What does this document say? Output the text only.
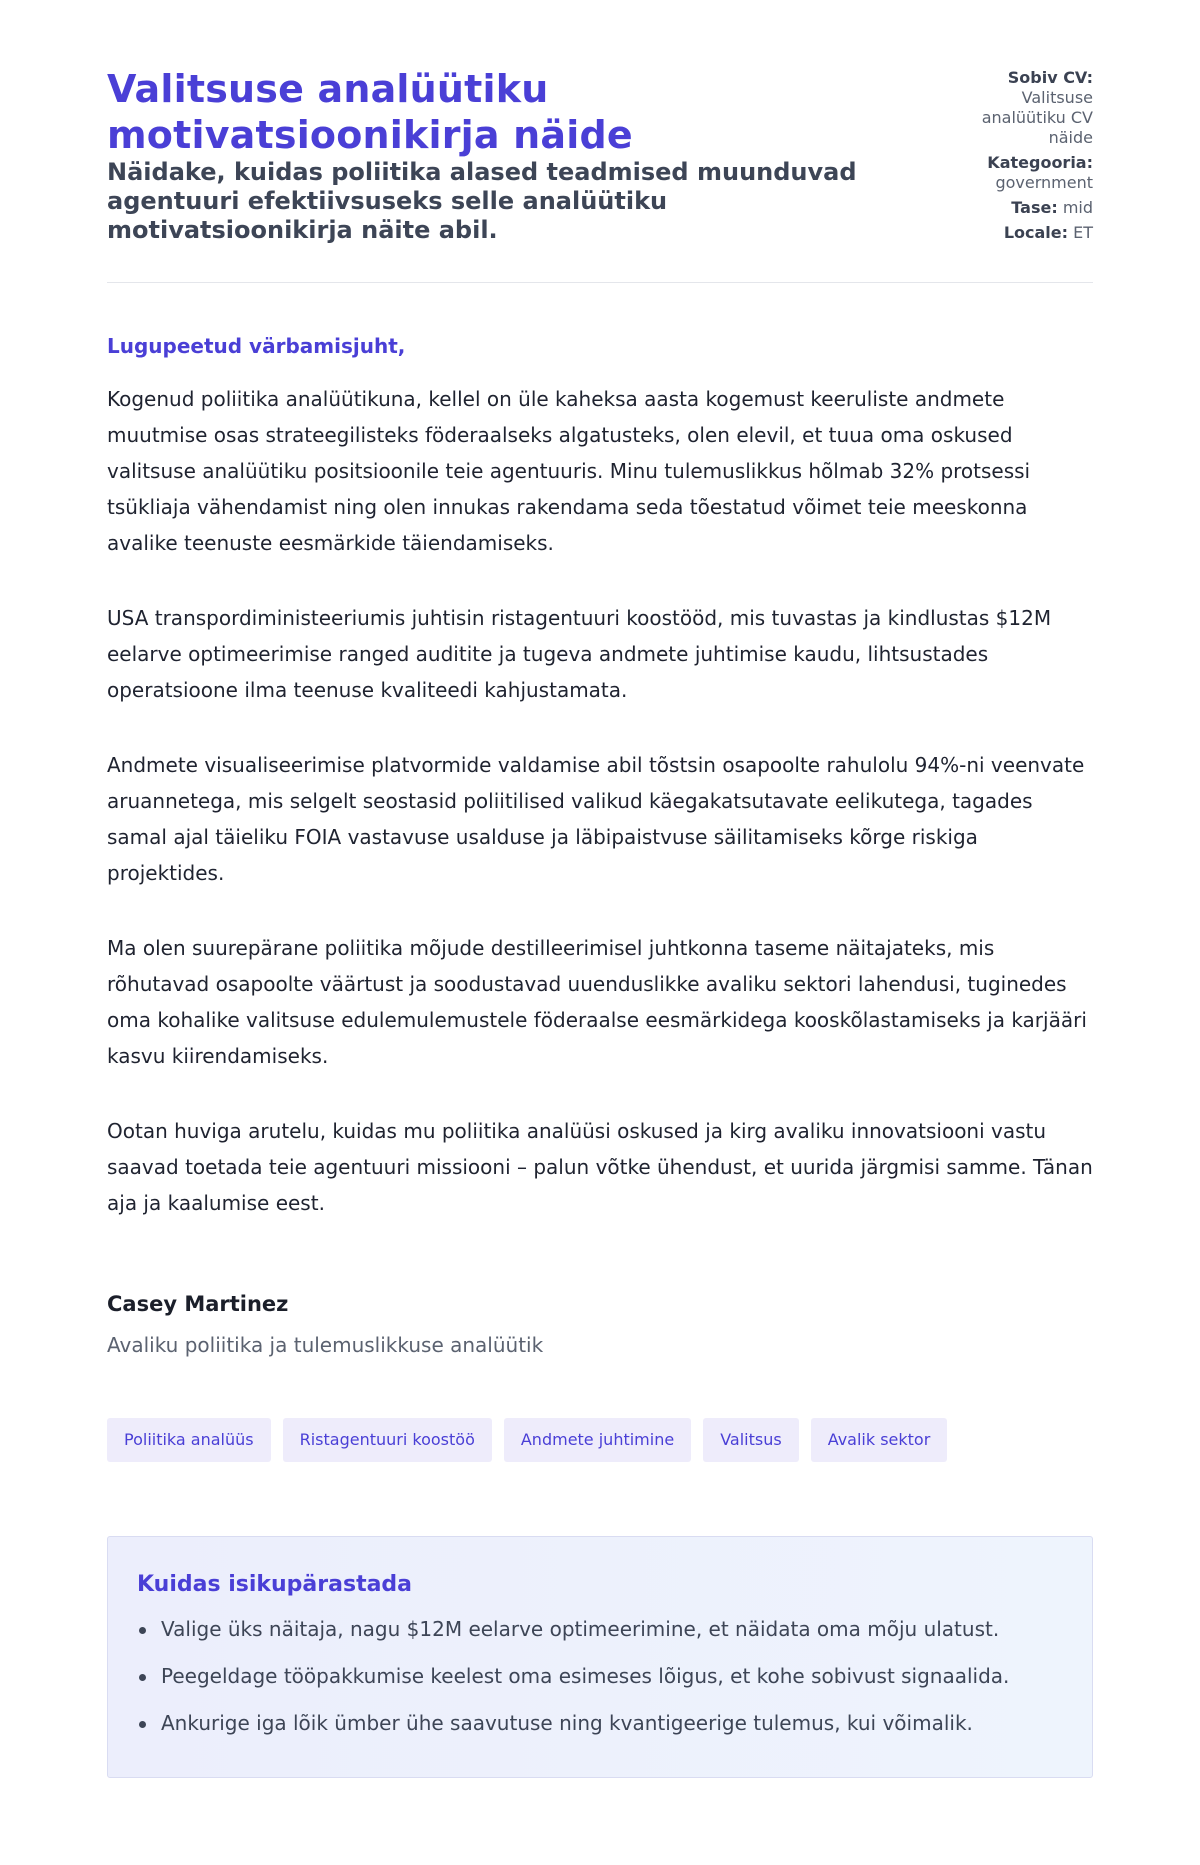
Valitsuse analüütiku motivatsioonikirja näide
Näidake, kuidas poliitika alased teadmised muunduvad agentuuri efektiivsuseks selle analüütiku motivatsioonikirja näite abil.
Sobiv CV:
Valitsuse analüütiku CV näide
Kategooria:
government
Tase: mid
Locale: ET

Lugupeetud värbamisjuht,

Kogenud poliitika analüütikuna, kellel on üle kaheksa aasta kogemust keeruliste andmete muutmise osas strateegilisteks föderaalseks algatusteks, olen elevil, et tuua oma oskused valitsuse analüütiku positsioonile teie agentuuris. Minu tulemuslikkus hõlmab 32% protsessi tsükliaja vähendamist ning olen innukas rakendama seda tõestatud võimet teie meeskonna avalike teenuste eesmärkide täiendamiseks.

USA transpordiministeeriumis juhtisin ristagentuuri koostööd, mis tuvastas ja kindlustas $12M eelarve optimeerimise ranged auditite ja tugeva andmete juhtimise kaudu, lihtsustades operatsioone ilma teenuse kvaliteedi kahjustamata.

Andmete visualiseerimise platvormide valdamise abil tõstsin osapoolte rahulolu 94%-ni veenvate aruannetega, mis selgelt seostasid poliitilised valikud käegakatsutavate eelikutega, tagades samal ajal täieliku FOIA vastavuse usalduse ja läbipaistvuse säilitamiseks kõrge riskiga projektides.

Ma olen suurepärane poliitika mõjude destilleerimisel juhtkonna taseme näitajateks, mis rõhutavad osapoolte väärtust ja soodustavad uuenduslikke avaliku sektori lahendusi, tuginedes oma kohalike valitsuse edulemulemustele föderaalse eesmärkidega kooskõlastamiseks ja karjääri kasvu kiirendamiseks.

Ootan huviga arutelu, kuidas mu poliitika analüüsi oskused ja kirg avaliku innovatsiooni vastu saavad toetada teie agentuuri missiooni – palun võtke ühendust, et uurida järgmisi samme. Tänan aja ja kaalumise eest.

Casey Martinez
Avaliku poliitika ja tulemuslikkuse analüütik
Poliitika analüüs	Ristagentuuri koostöö	Andmete juhtimine	Valitsus	Avalik sektor
Kuidas isikupärastada
Valige üks näitaja, nagu $12M eelarve optimeerimine, et näidata oma mõju ulatust.
Peegeldage tööpakkumise keelest oma esimeses lõigus, et kohe sobivust signaalida.
Ankurige iga lõik ümber ühe saavutuse ning kvantigeerige tulemus, kui võimalik.
